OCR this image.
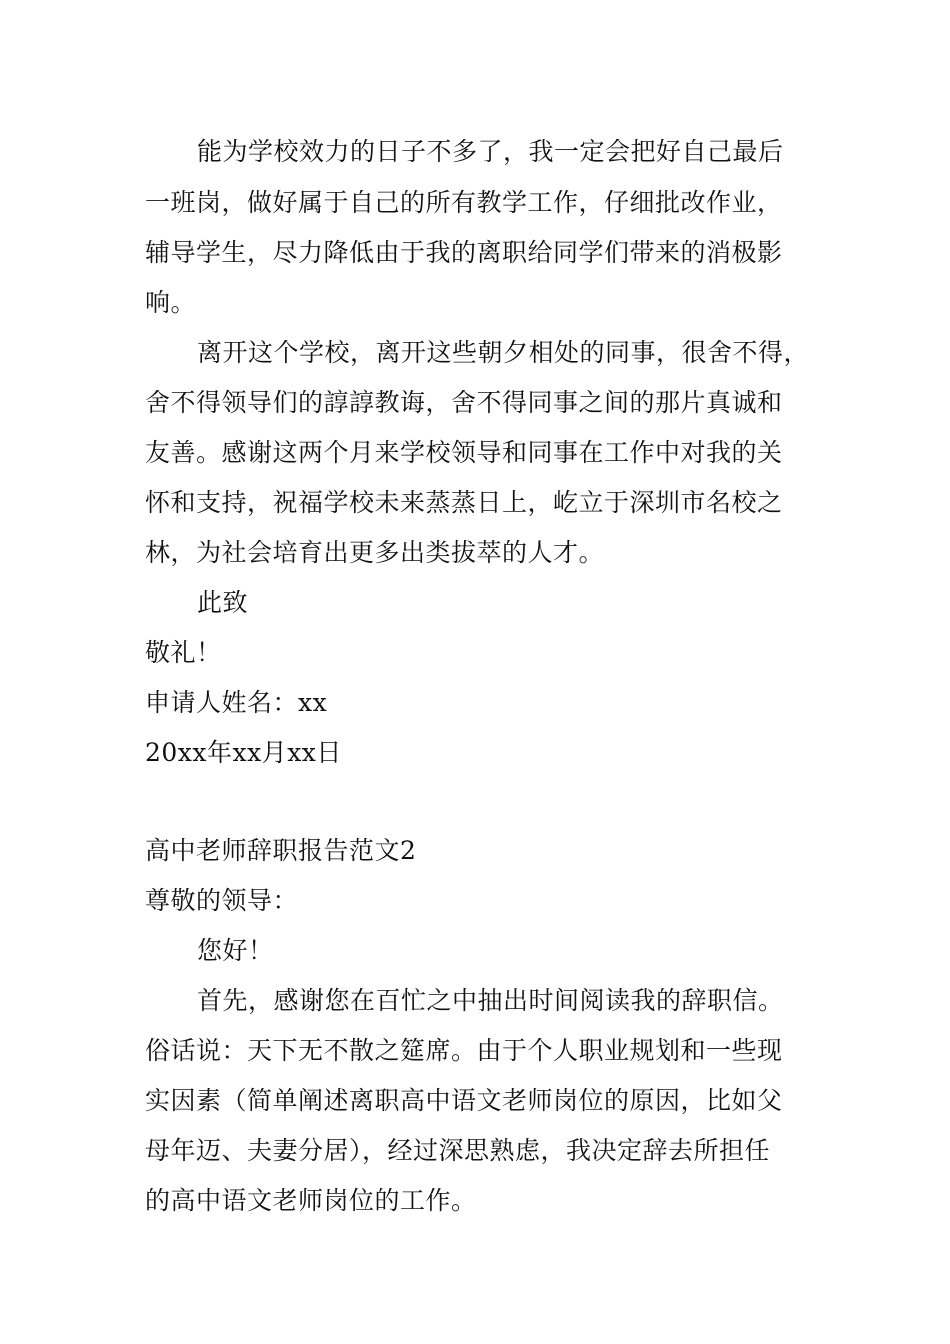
能为学校效力的日子不多了，我一定会把好自己最后
一班岗，做好属于自己的所有教学工作，仔细批改作业，
辅导学生，尽力降低由于我的离职给同学们带来的消极影
响。
离开这个学校，离开这些朝夕相处的同事，很舍不得，
舍不得领导们的諄諄教诲，舍不得同事之间的那片真诚和
友善。感谢这两个月来学校领导和同事在工作中对我的关
怀和支持，祝福学校未来蒸蒸日上，屹立于深圳市名校之
林，为社会培育出更多出类拔萃的人才。
此致
敬礼！
申请人姓名：xx
20xx年xx月xx日
高中老师辞职报告范文2
尊敬的领导：
您好！
首先，感谢您在百忙之中抽出时间阅读我的辞职信。
俗话说：天下无不散之筵席。由于个人职业规划和一些现
实因素（简单阐述离职高中语文老师岗位的原因，比如父
母年迈、夫妻分居），经过深思熟虑，我决定辞去所担任
的高中语文老师岗位的工作。
